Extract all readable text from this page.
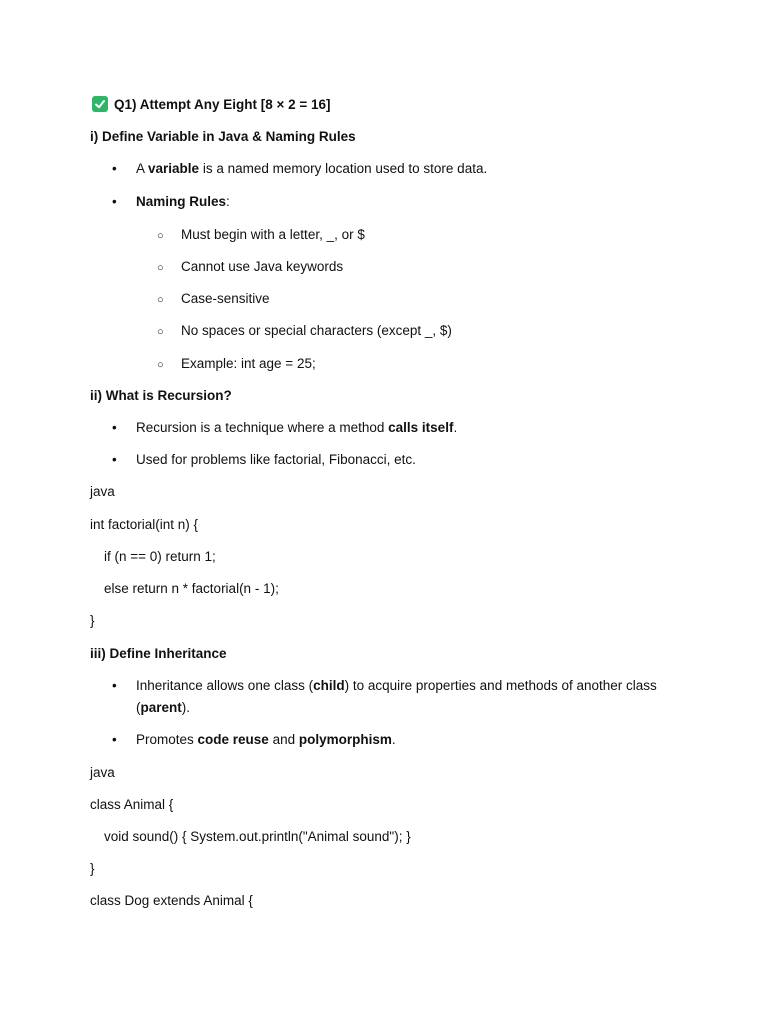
Q1) Attempt Any Eight [8 × 2 = 16]
i) Define Variable in Java & Naming Rules
•	A variable is a named memory location used to store data.
•	Naming Rules:
○ Must begin with a letter, _, or $
○ Cannot use Java keywords
○ Case-sensitive
○ No spaces or special characters (except _, $)
○ Example: int age = 25;
ii) What is Recursion?
•	Recursion is a technique where a method calls itself.
•	Used for problems like factorial, Fibonacci, etc.
java
int factorial(int n) {
if (n == 0) return 1;
else return n * factorial(n - 1);
}
iii) Define Inheritance
•	Inheritance allows one class (child) to acquire properties and methods of another class
(parent).
•	Promotes code reuse and polymorphism.
java
class Animal {
void sound() { System.out.println("Animal sound"); }
}
class Dog extends Animal {
